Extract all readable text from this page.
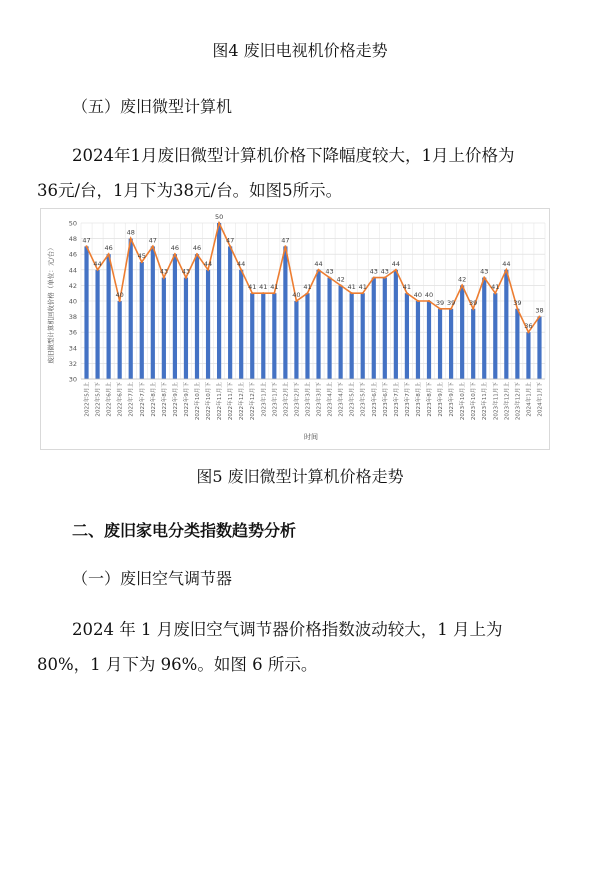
图4 废旧电视机价格走势
（五）废旧微型计算机
2024年1月废旧微型计算机价格下降幅度较大，1月上价格为
36元/台，1月下为38元/台。如图5所示。
47
44
46
40
48
45
47
43
46
43
46
44
50
47
44
41 41 41
47
40
41
44
43
42
41 41
43 43
44
41
40 40
39 39
42
39
43
41
44
39
36
38
30
32
34
36
38
40
42
44
46
48
50
2022年5月上 2022年5月下 2022年6月上 2022年6月下 2022年7月上 2022年7月下 2022年8月上 2022年8月下 2022年9月上 2022年9月下 2022年10月上 2022年10月下 2022年11月上 2022年11月下 2022年12月上 2022年12月下 2023年1月上 2023年1月下 2023年2月上 2023年2月下 2023年3月上 2023年3月下 2023年4月上 2023年4月下 2023年5月上 2023年5月下 2023年6月上 2023年6月下 2023年7月上 2023年7月下 2023年8月上 2023年8月下 2023年9月上 2023年9月下 2023年10月上 2023年10月下 2023年11月上 2023年11月下 2023年12月上 2023年12月下 2024年1月上 2024年1月下
废旧微型计算机回收价格（单位：元/台）
时间
图5 废旧微型计算机价格走势
二、废旧家电分类指数趋势分析
（一）废旧空气调节器
2024 年 1 月废旧空气调节器价格指数波动较大，1 月上为
80%，1 月下为 96%。如图 6 所示。
